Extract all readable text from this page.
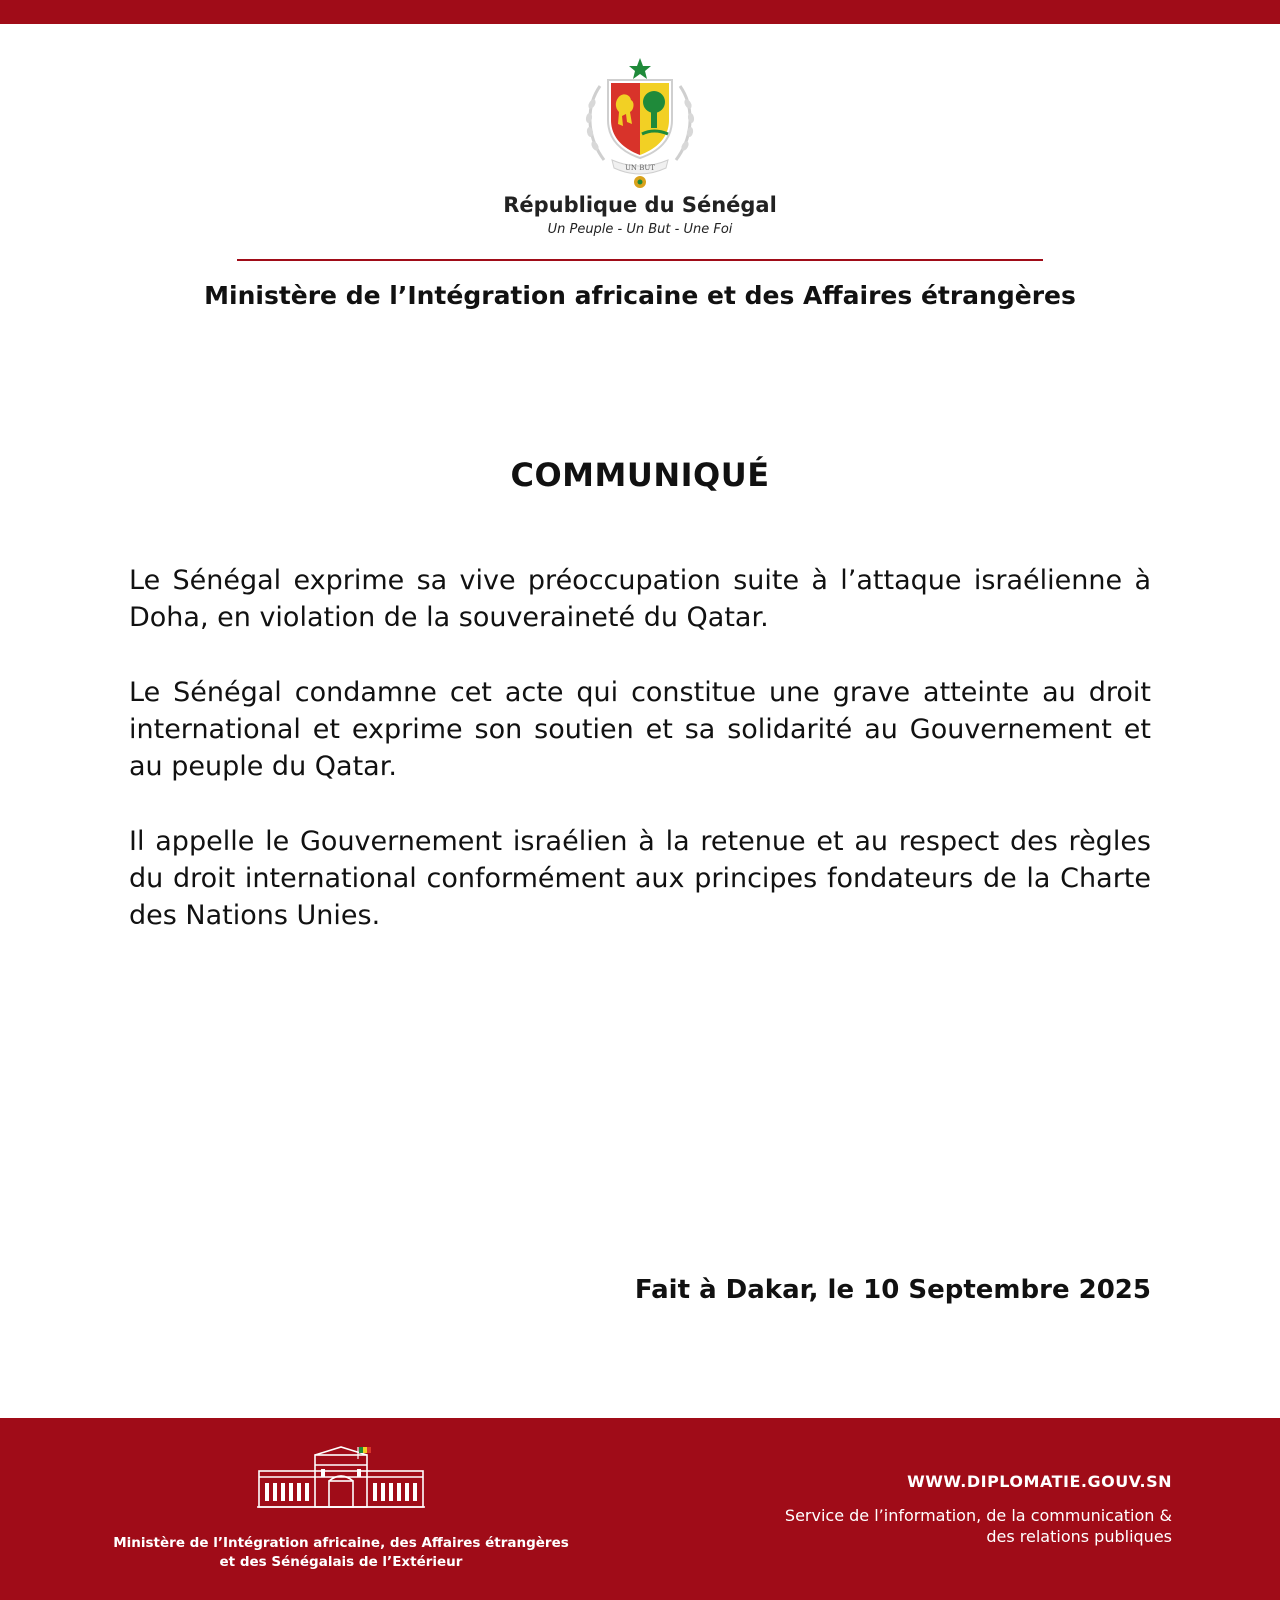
UN BUT
République du Sénégal
Un Peuple - Un But - Une Foi
Ministère de l’Intégration africaine et des Affaires étrangères
COMMUNIQUÉ

Le Sénégal exprime sa vive préoccupation suite à l’attaque israélienne à Doha, en violation de la souveraineté du Qatar.

Le Sénégal condamne cet acte qui constitue une grave atteinte au droit international et exprime son soutien et sa solidarité au Gouvernement et au peuple du Qatar.

Il appelle le Gouvernement israélien à la retenue et au respect des règles du droit international conformément aux principes fondateurs de la Charte des Nations Unies.

Fait à Dakar, le 10 Septembre 2025
Ministère de l’Intégration africaine, des Affaires étrangères
et des Sénégalais de l’Extérieur
WWW.DIPLOMATIE.GOUV.SN
Service de l’information, de la communication &
des relations publiques
